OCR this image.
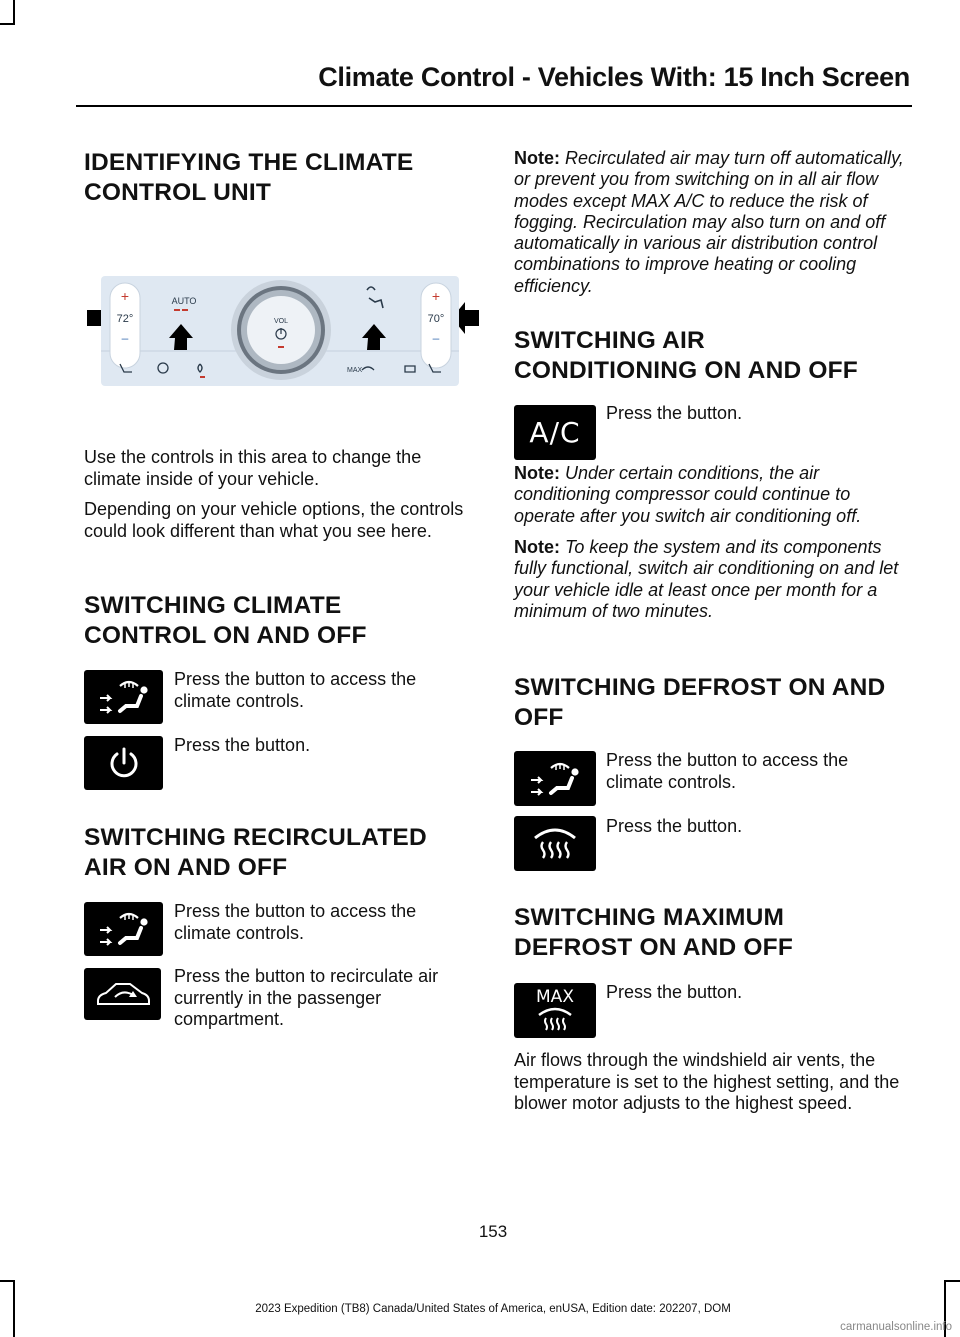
Climate Control - Vehicles With: 15 Inch Screen
IDENTIFYING THE CLIMATE
CONTROL UNIT
+
72°
–
+
70°
–
AUTO
VOL
MAX

Use the controls in this area to change the climate inside of your vehicle.

Depending on your vehicle options, the controls could look different than what you see here.

SWITCHING CLIMATE
CONTROL ON AND OFF

Press the button to access the climate controls.

Press the button.

SWITCHING RECIRCULATED
AIR ON AND OFF

Press the button to access the climate controls.

Press the button to recirculate air currently in the passenger compartment.

Note: Recirculated air may turn off automatically, or prevent you from switching on in all air flow modes except MAX A/C to reduce the risk of fogging. Recirculation may also turn on and off automatically in various air distribution control combinations to improve heating or cooling efficiency.

SWITCHING AIR
CONDITIONING ON AND OFF
A/C

Press the button.

Note: Under certain conditions, the air conditioning compressor could continue to operate after you switch air conditioning off.

Note: To keep the system and its components fully functional, switch air conditioning on and let your vehicle idle at least once per month for a minimum of two minutes.

SWITCHING DEFROST ON AND
OFF

Press the button to access the climate controls.

Press the button.

SWITCHING MAXIMUM
DEFROST ON AND OFF
MAX Press the button.

Air flows through the windshield air vents, the temperature is set to the highest setting, and the blower motor adjusts to the highest speed.

153
2023 Expedition (TB8) Canada/United States of America, enUSA, Edition date: 202207, DOM
carmanualsonline.info
